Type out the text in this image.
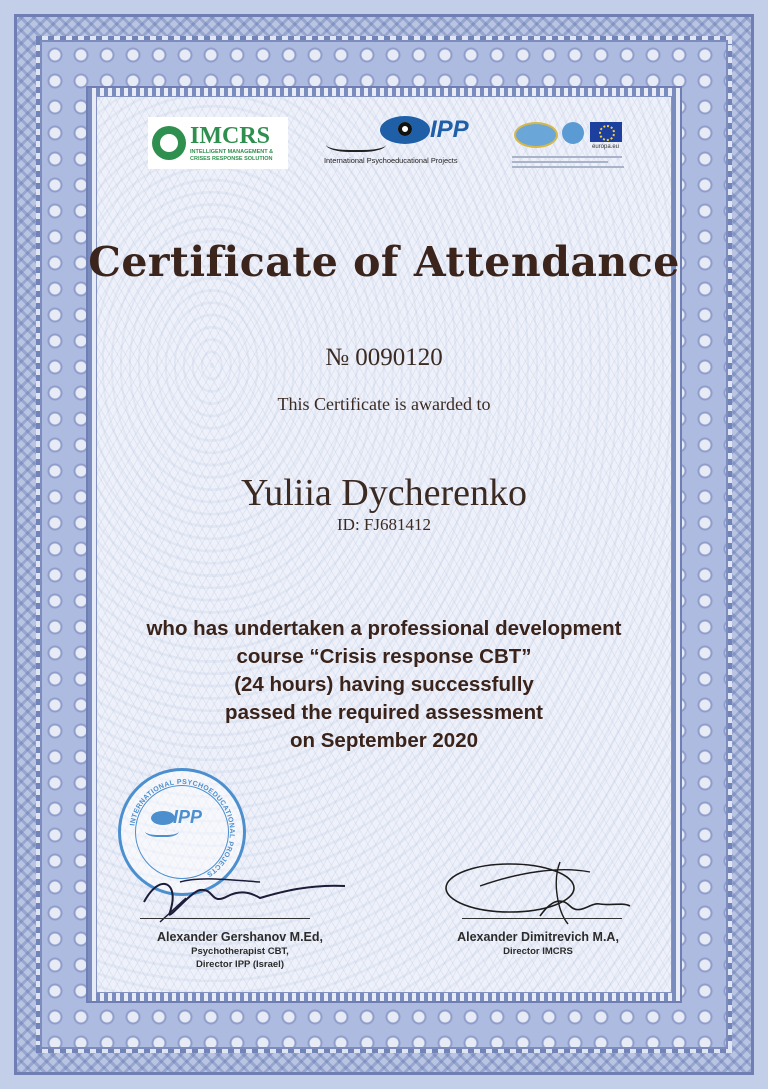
IMCRS
INTELLIGENT MANAGEMENT &
CRISES RESPONSE SOLUTION
IPP
International Psychoeducational Projects
europa.eu
Certificate of Attendance
№ 0090120
This Certificate is awarded to
Yuliia Dycherenko
ID: FJ681412
who has undertaken a professional development
course “Crisis response CBT”
(24 hours) having successfully
passed the required assessment
on September 2020
INTERNATIONAL PSYCHOEDUCATIONAL PROJECTS
IPP
Alexander Gershanov M.Ed,
Psychotherapist CBT,
Director IPP (Israel)
Alexander Dimitrevich M.A,
Director IMCRS
